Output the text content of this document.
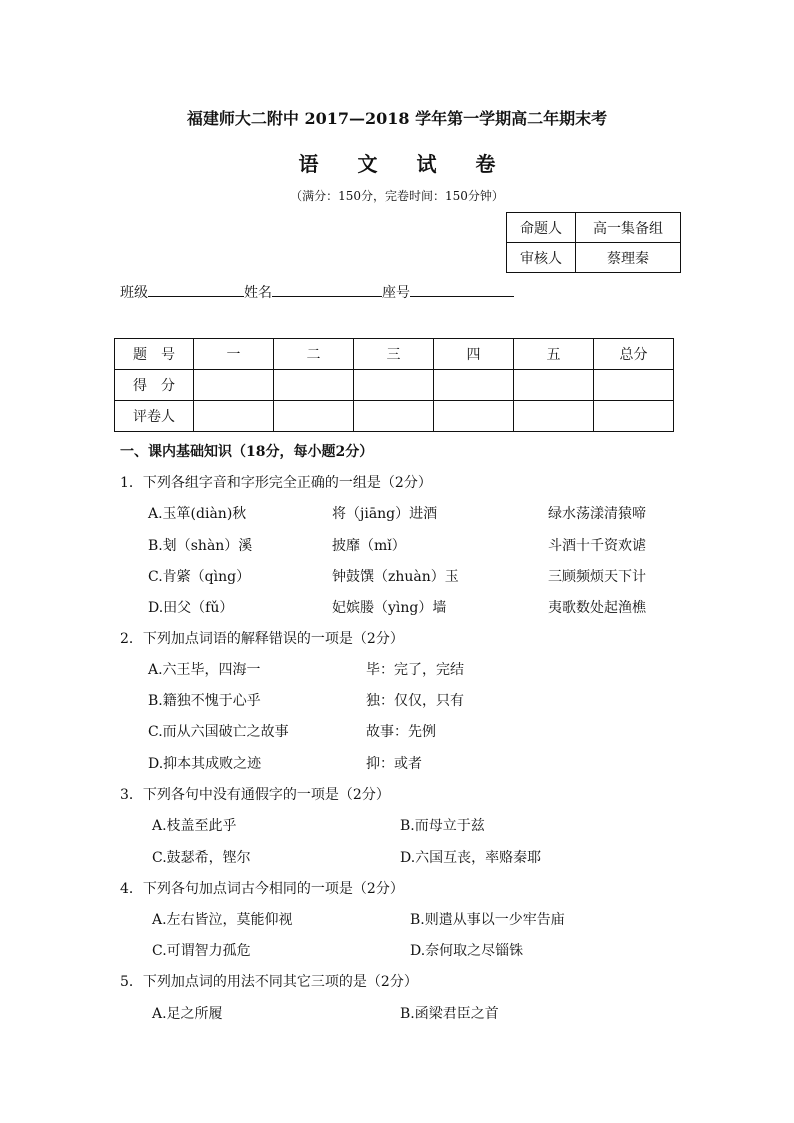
福建师大二附中 2017—2018 学年第一学期高二年期末考
语 文 试 卷
（满分：150分，完卷时间：150分钟）
命题人	高一集备组
审核人	蔡理秦
班级	姓名	座号
题　号	一	二	三	四	五	总分
得　分						
评卷人						
一、课内基础知识（18分，每小题2分）
1．下列各组字音和字形完全正确的一组是（2分）
A.玉箪(diàn)秋	将（jiāng）进酒	绿水荡漾清猿啼
B.刬（shàn）溪	披靡（mǐ）	斗酒十千资欢谑
C.肯綮（qìng）	钟鼓馔（zhuàn）玉	三顾频烦天下计
D.田父（fǔ）	妃嫔媵（yìng）墙	夷歌数处起渔樵
2．下列加点词语的解释错误的一项是（2分）
A.六王毕，四海一	毕：完了，完结
B.籍独不愧于心乎	独：仅仅，只有
C.而从六国破亡之故事	故事：先例
D.抑本其成败之迹	抑：或者
3．下列各句中没有通假字的一项是（2分）
A.枝盖至此乎	B.而母立于兹
C.鼓瑟希，铿尔	D.六国互丧，率赂秦耶
4．下列各句加点词古今相同的一项是（2分）
A.左右皆泣，莫能仰视	B.则遣从事以一少牢告庙
C.可谓智力孤危	D.奈何取之尽锱铢
5．下列加点词的用法不同其它三项的是（2分）
A.足之所履	B.函梁君臣之首
